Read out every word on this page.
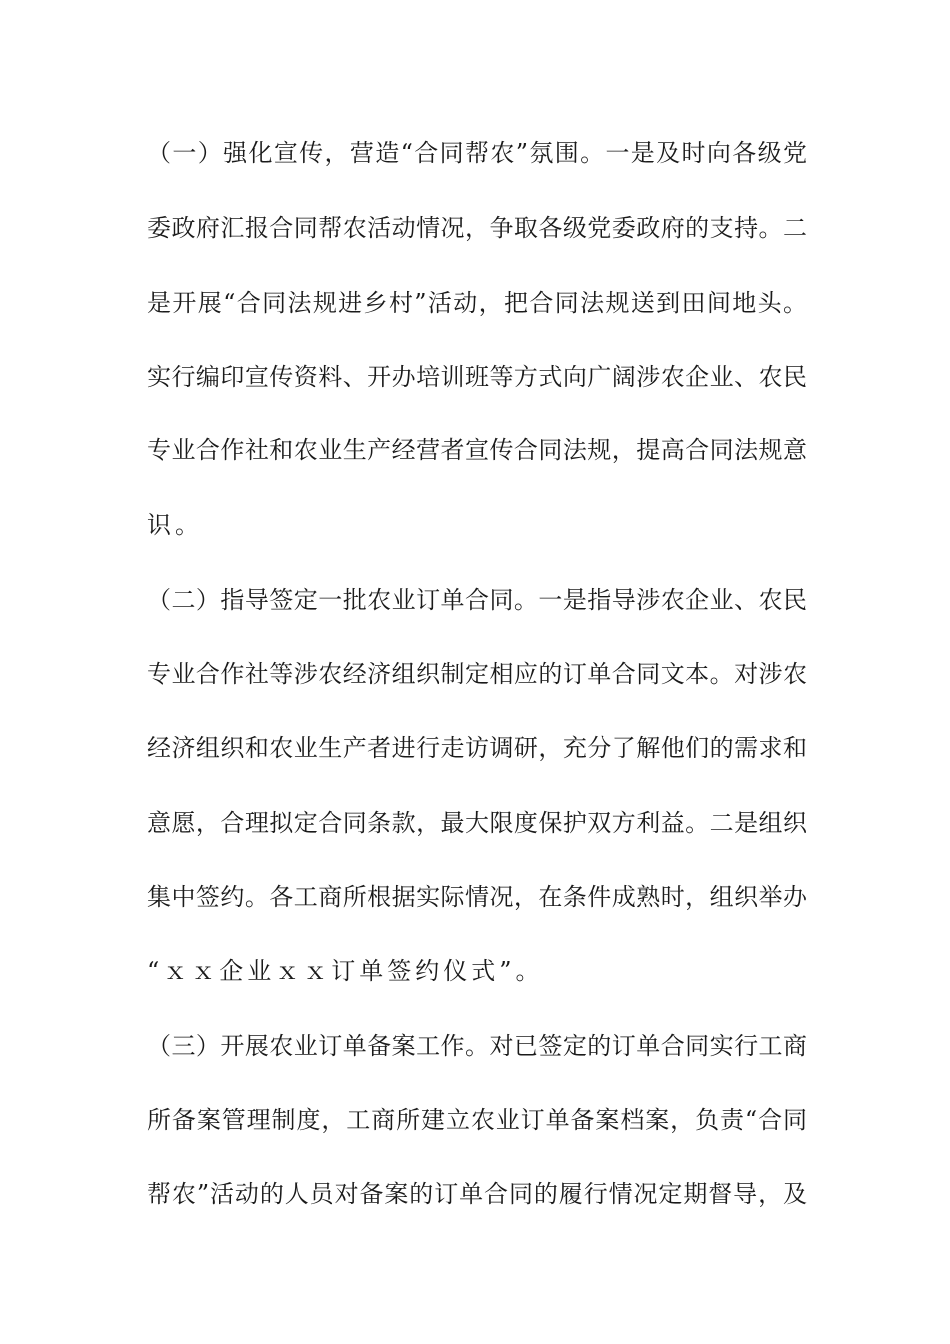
（一）强化宣传，营造“合同帮农”氛围。一是及时向各级党
委政府汇报合同帮农活动情况，争取各级党委政府的支持。二
是开展“合同法规进乡村”活动，把合同法规送到田间地头。
实行编印宣传资料、开办培训班等方式向广阔涉农企业、农民
专业合作社和农业生产经营者宣传合同法规，提高合同法规意
识。
（二）指导签定一批农业订单合同。一是指导涉农企业、农民
专业合作社等涉农经济组织制定相应的订单合同文本。对涉农
经济组织和农业生产者进行走访调研，充分了解他们的需求和
意愿，合理拟定合同条款，最大限度保护双方利益。二是组织
集中签约。各工商所根据实际情况，在条件成熟时，组织举办
“ｘｘ企业ｘｘ订单签约仪式”。
（三）开展农业订单备案工作。对已签定的订单合同实行工商
所备案管理制度，工商所建立农业订单备案档案，负责“合同
帮农”活动的人员对备案的订单合同的履行情况定期督导，及
